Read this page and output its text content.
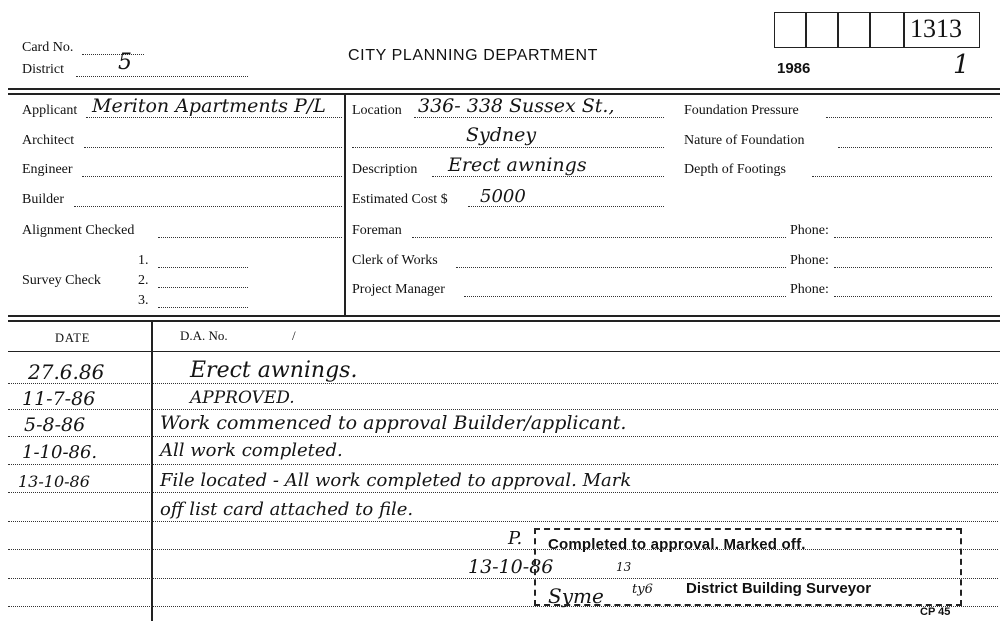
Card No.
District 5	CITY PLANNING DEPARTMENT
1986
1313
1
Applicant Meriton Apartments P/L
Architect
Engineer
Builder
Alignment Checked
Survey Check
1.
2.
3.
Location 336- 338 Sussex St.,
Sydney
Description Erect awnings
Estimated Cost $ 5000
Foreman
Clerk of Works
Project Manager
Foundation Pressure
Nature of Foundation
Depth of Footings
Phone:
Phone:
Phone:
DATE	D.A. No.	/
27.6.86	Erect awnings.
11-7-86	APPROVED.
5-8-86	Work commenced to approval Builder/applicant.
1-10-86.	All work completed.
13-10-86	File located - All work completed to approval. Mark
off list card attached to file.
P.
13-10-86	13
Syme ty6
Completed to approval. Marked off.
District Building Surveyor
CP 45
